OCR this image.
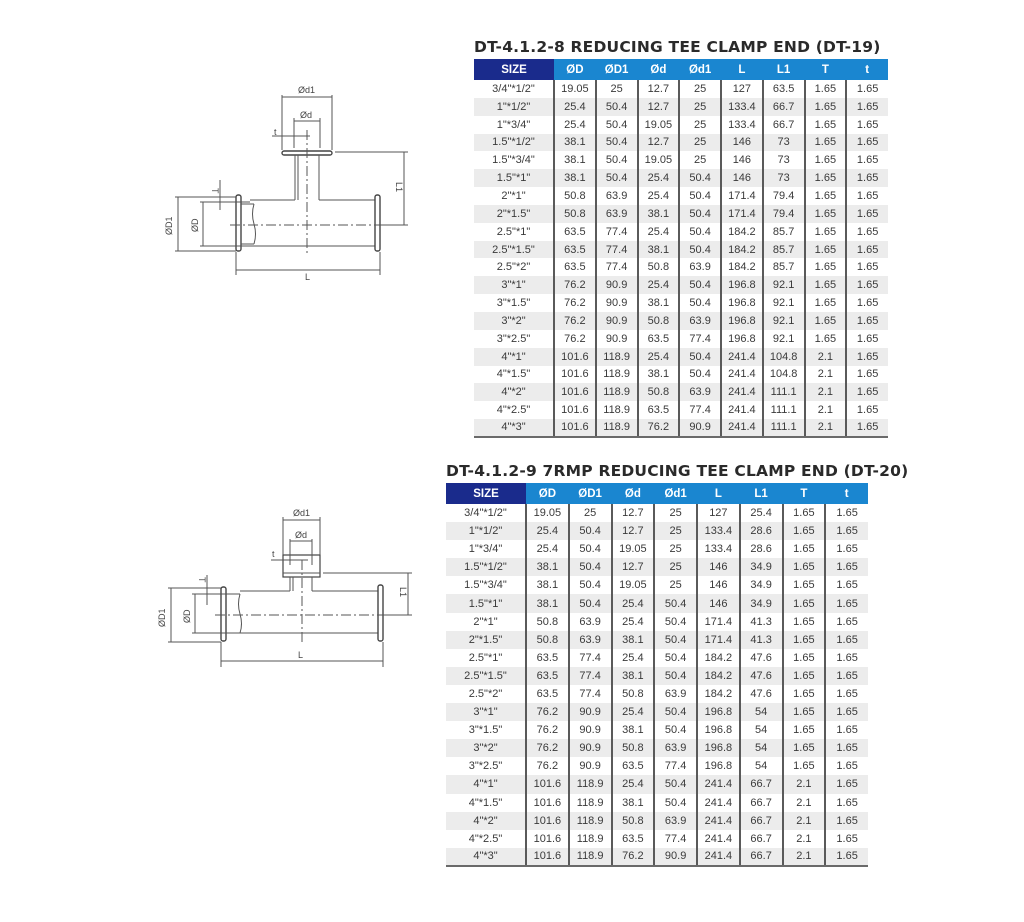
Ød1
Ød
t
L
T
ØD1 ØD
L1
Ød1
Ød
t
L
T
ØD1 ØD
L1
DT-4.1.2-8 REDUCING TEE CLAMP END (DT-19)
SIZE	ØD	ØD1	Ød	Ød1	L	L1	T	t
3/4"*1/2"	19.05	25	12.7	25	127	63.5	1.65	1.65
1"*1/2"	25.4	50.4	12.7	25	133.4	66.7	1.65	1.65
1"*3/4"	25.4	50.4	19.05	25	133.4	66.7	1.65	1.65
1.5"*1/2"	38.1	50.4	12.7	25	146	73	1.65	1.65
1.5"*3/4"	38.1	50.4	19.05	25	146	73	1.65	1.65
1.5"*1"	38.1	50.4	25.4	50.4	146	73	1.65	1.65
2"*1"	50.8	63.9	25.4	50.4	171.4	79.4	1.65	1.65
2"*1.5"	50.8	63.9	38.1	50.4	171.4	79.4	1.65	1.65
2.5"*1"	63.5	77.4	25.4	50.4	184.2	85.7	1.65	1.65
2.5"*1.5"	63.5	77.4	38.1	50.4	184.2	85.7	1.65	1.65
2.5"*2"	63.5	77.4	50.8	63.9	184.2	85.7	1.65	1.65
3"*1"	76.2	90.9	25.4	50.4	196.8	92.1	1.65	1.65
3"*1.5"	76.2	90.9	38.1	50.4	196.8	92.1	1.65	1.65
3"*2"	76.2	90.9	50.8	63.9	196.8	92.1	1.65	1.65
3"*2.5"	76.2	90.9	63.5	77.4	196.8	92.1	1.65	1.65
4"*1"	101.6	118.9	25.4	50.4	241.4	104.8	2.1	1.65
4"*1.5"	101.6	118.9	38.1	50.4	241.4	104.8	2.1	1.65
4"*2"	101.6	118.9	50.8	63.9	241.4	111.1	2.1	1.65
4"*2.5"	101.6	118.9	63.5	77.4	241.4	111.1	2.1	1.65
4"*3"	101.6	118.9	76.2	90.9	241.4	111.1	2.1	1.65
DT-4.1.2-9 7RMP REDUCING TEE CLAMP END (DT-20)
SIZE	ØD	ØD1	Ød	Ød1	L	L1	T	t
3/4"*1/2"	19.05	25	12.7	25	127	25.4	1.65	1.65
1"*1/2"	25.4	50.4	12.7	25	133.4	28.6	1.65	1.65
1"*3/4"	25.4	50.4	19.05	25	133.4	28.6	1.65	1.65
1.5"*1/2"	38.1	50.4	12.7	25	146	34.9	1.65	1.65
1.5"*3/4"	38.1	50.4	19.05	25	146	34.9	1.65	1.65
1.5"*1"	38.1	50.4	25.4	50.4	146	34.9	1.65	1.65
2"*1"	50.8	63.9	25.4	50.4	171.4	41.3	1.65	1.65
2"*1.5"	50.8	63.9	38.1	50.4	171.4	41.3	1.65	1.65
2.5"*1"	63.5	77.4	25.4	50.4	184.2	47.6	1.65	1.65
2.5"*1.5"	63.5	77.4	38.1	50.4	184.2	47.6	1.65	1.65
2.5"*2"	63.5	77.4	50.8	63.9	184.2	47.6	1.65	1.65
3"*1"	76.2	90.9	25.4	50.4	196.8	54	1.65	1.65
3"*1.5"	76.2	90.9	38.1	50.4	196.8	54	1.65	1.65
3"*2"	76.2	90.9	50.8	63.9	196.8	54	1.65	1.65
3"*2.5"	76.2	90.9	63.5	77.4	196.8	54	1.65	1.65
4"*1"	101.6	118.9	25.4	50.4	241.4	66.7	2.1	1.65
4"*1.5"	101.6	118.9	38.1	50.4	241.4	66.7	2.1	1.65
4"*2"	101.6	118.9	50.8	63.9	241.4	66.7	2.1	1.65
4"*2.5"	101.6	118.9	63.5	77.4	241.4	66.7	2.1	1.65
4"*3"	101.6	118.9	76.2	90.9	241.4	66.7	2.1	1.65
